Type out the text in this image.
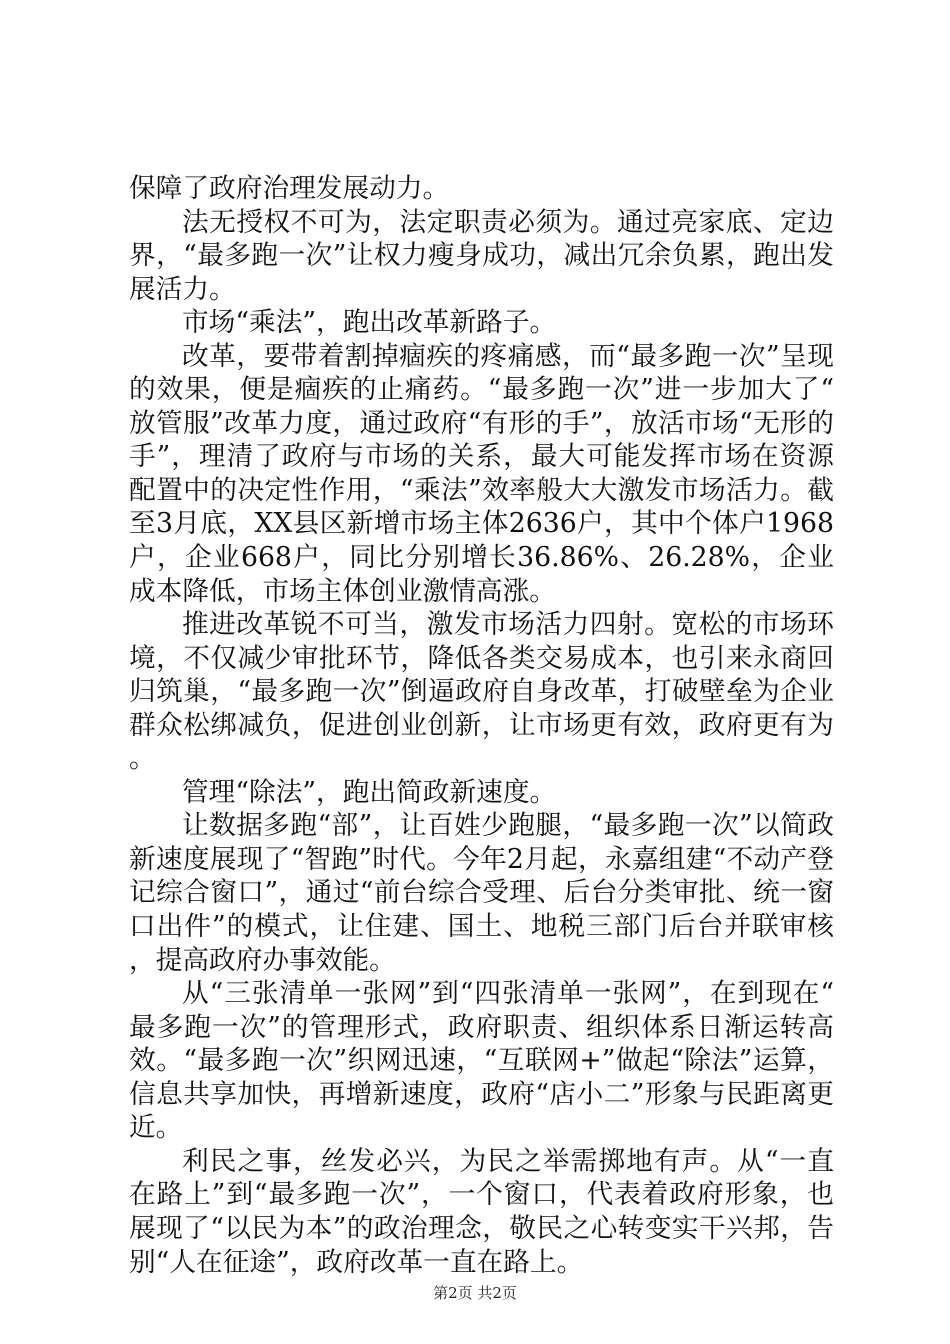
保障了政府治理发展动力。

法无授权不可为，法定职责必须为。通过亮家底、定边界，“最多跑一次”让权力瘦身成功，减出冗余负累，跑出发展活力。

市场“乘法”，跑出改革新路子。

改革，要带着割掉痼疾的疼痛感，而“最多跑一次”呈现的效果，便是痼疾的止痛药。“最多跑一次”进一步加大了“放管服”改革力度，通过政府“有形的手”，放活市场“无形的手”，理清了政府与市场的关系，最大可能发挥市场在资源配置中的决定性作用，“乘法”效率般大大激发市场活力。截至3月底，XX县区新增市场主体2636户，其中个体户1968户，企业668户，同比分别增长36.86%、26.28%，企业成本降低，市场主体创业激情高涨。

推进改革锐不可当，激发市场活力四射。宽松的市场环境，不仅减少审批环节，降低各类交易成本，也引来永商回归筑巢，“最多跑一次”倒逼政府自身改革，打破壁垒为企业群众松绑减负，促进创业创新，让市场更有效，政府更有为。

管理“除法”，跑出简政新速度。

让数据多跑“部”，让百姓少跑腿，“最多跑一次”以简政新速度展现了“智跑”时代。今年2月起，永嘉组建“不动产登记综合窗口”，通过“前台综合受理、后台分类审批、统一窗口出件”的模式，让住建、国土、地税三部门后台并联审核，提高政府办事效能。

从“三张清单一张网”到“四张清单一张网”，在到现在“最多跑一次”的管理形式，政府职责、组织体系日渐运转高效。“最多跑一次”织网迅速，“互联网+”做起“除法”运算，信息共享加快，再增新速度，政府“店小二”形象与民距离更近。

利民之事，丝发必兴，为民之举需掷地有声。从“一直在路上”到“最多跑一次”，一个窗口，代表着政府形象，也展现了“以民为本”的政治理念，敬民之心转变实干兴邦，告别“人在征途”，政府改革一直在路上。

第2页 共2页
